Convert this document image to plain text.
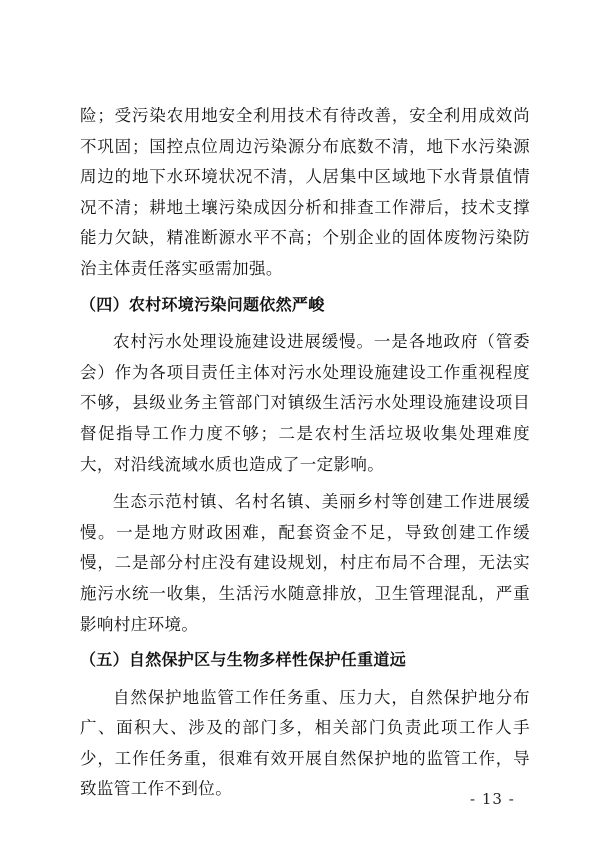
险；受污染农用地安全利用技术有待改善，安全利用成效尚不巩固；国控点位周边污染源分布底数不清，地下水污染源周边的地下水环境状况不清，人居集中区域地下水背景值情况不清；耕地土壤污染成因分析和排查工作滞后，技术支撑能力欠缺，精准断源水平不高；个别企业的固体废物污染防治主体责任落实亟需加强。

（四）农村环境污染问题依然严峻

农村污水处理设施建设进展缓慢。一是各地政府（管委会）作为各项目责任主体对污水处理设施建设工作重视程度不够，县级业务主管部门对镇级生活污水处理设施建设项目督促指导工作力度不够；二是农村生活垃圾收集处理难度大，对沿线流域水质也造成了一定影响。

生态示范村镇、名村名镇、美丽乡村等创建工作进展缓慢。一是地方财政困难，配套资金不足，导致创建工作缓慢，二是部分村庄没有建设规划，村庄布局不合理，无法实施污水统一收集，生活污水随意排放，卫生管理混乱，严重影响村庄环境。

（五）自然保护区与生物多样性保护任重道远

自然保护地监管工作任务重、压力大，自然保护地分布广、面积大、涉及的部门多，相关部门负责此项工作人手少，工作任务重，很难有效开展自然保护地的监管工作，导致监管工作不到位。

- 13 -
